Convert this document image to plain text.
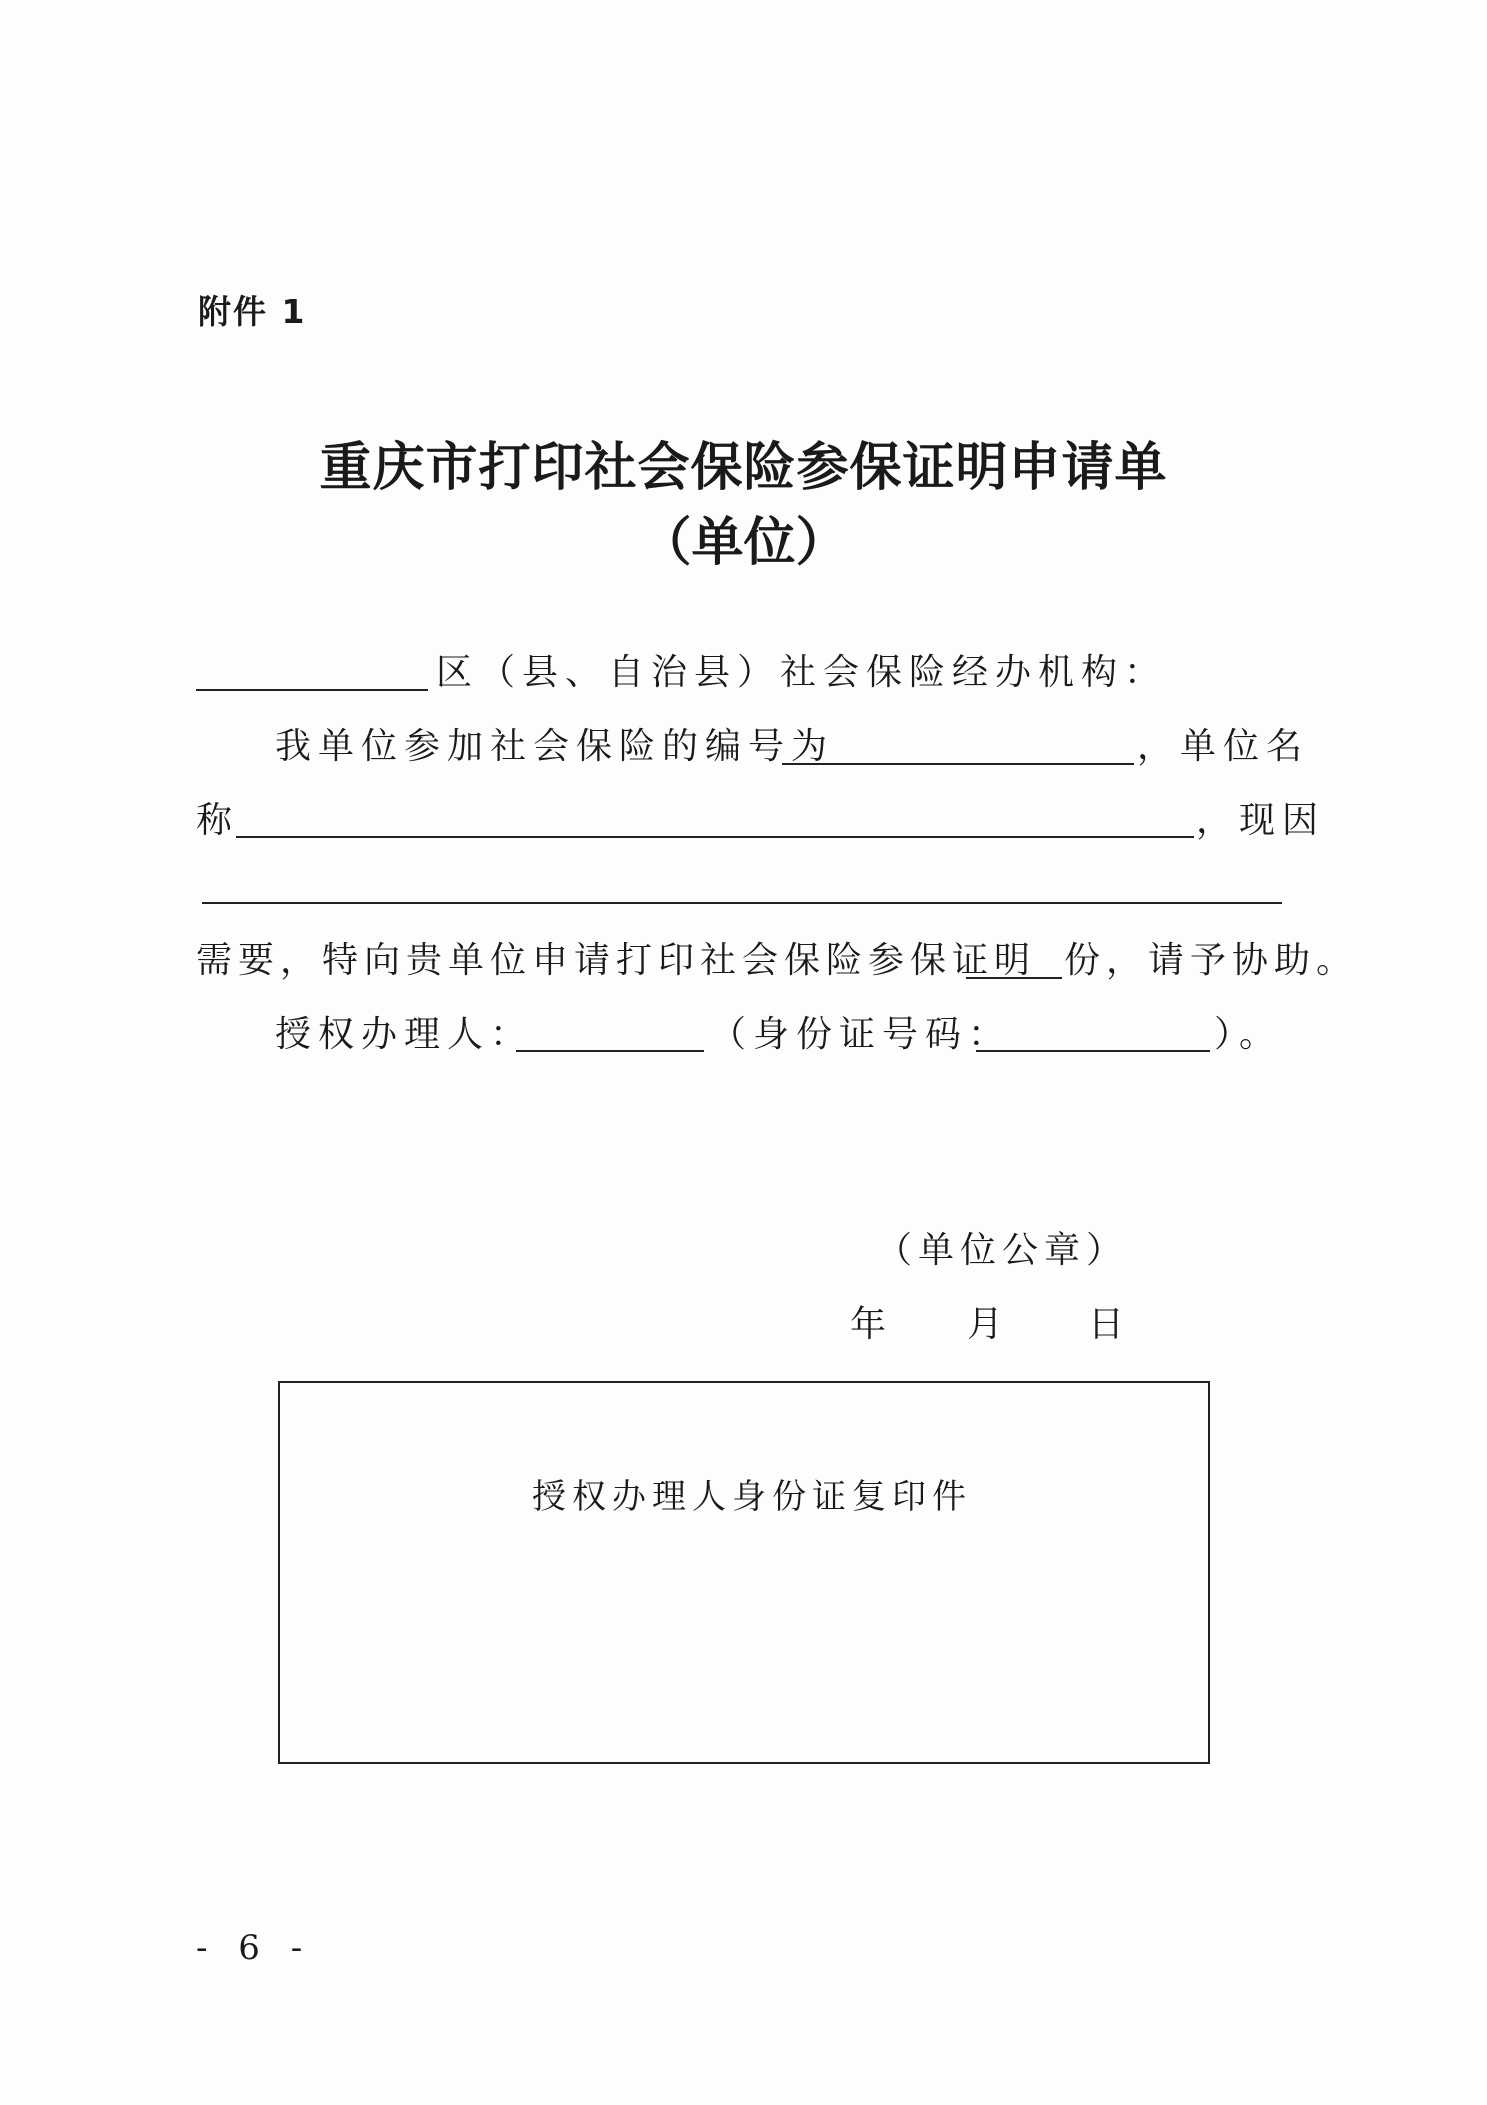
附件 1
重庆市打印社会保险参保证明申请单
（单位）
区（县、自治县）社会保险经办机构：
我单位参加社会保险的编号为	，单位名
称	，现因
需要，特向贵单位申请打印社会保险参保证明 份，请予协助。
授权办理人：	（身份证号码：	）。
（单位公章）
年 月 日
授权办理人身份证复印件
- 6 -
